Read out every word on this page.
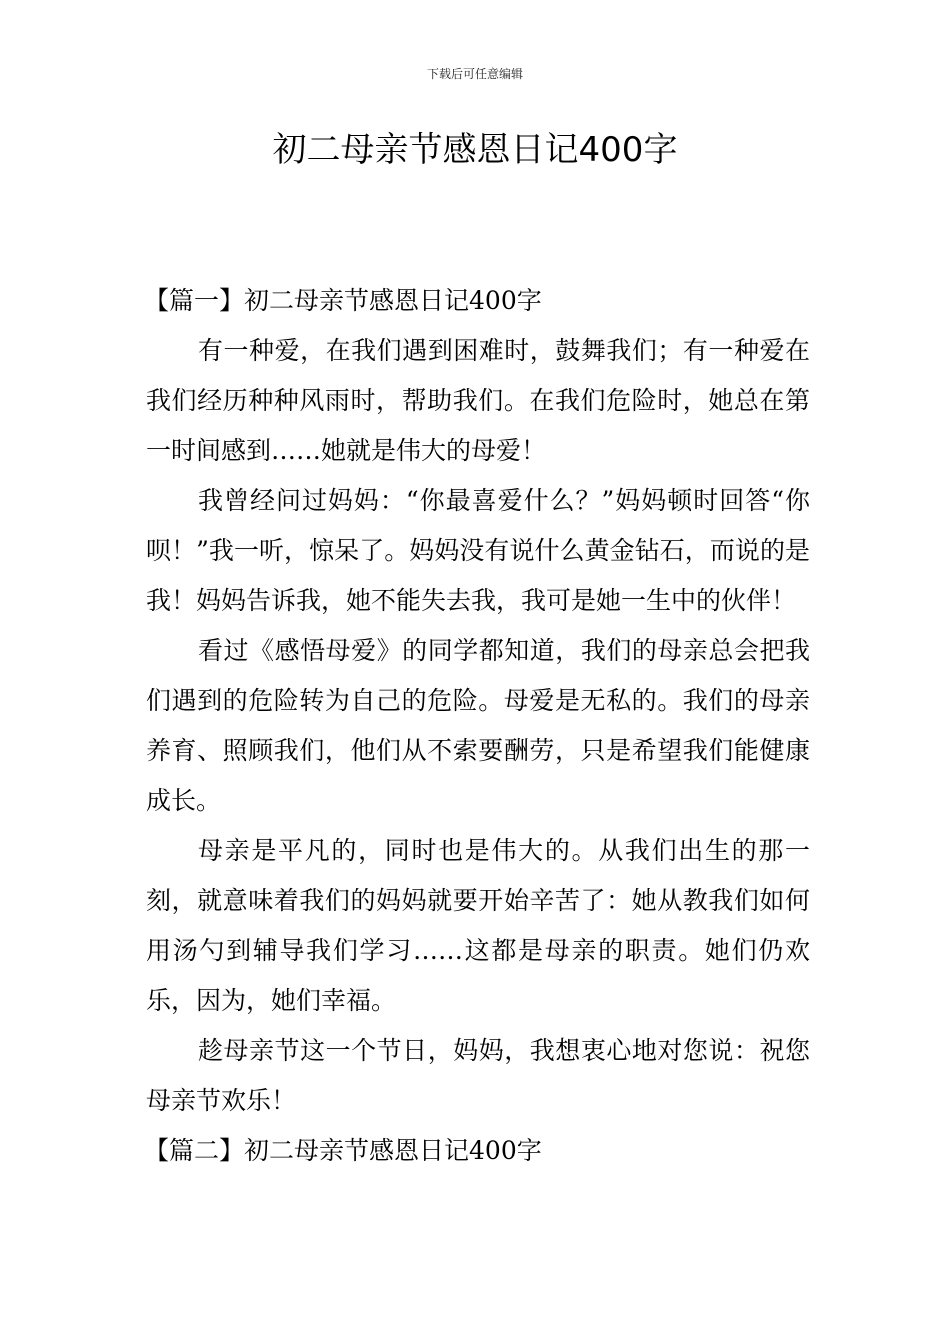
下载后可任意编辑
初二母亲节感恩日记400字

【篇一】初二母亲节感恩日记400字

有一种爱，在我们遇到困难时，鼓舞我们；有一种爱在我们经历种种风雨时，帮助我们。在我们危险时，她总在第一时间感到……她就是伟大的母爱！

我曾经问过妈妈：“你最喜爱什么？”妈妈顿时回答“你呗！”我一听，惊呆了。妈妈没有说什么黄金钻石，而说的是我！妈妈告诉我，她不能失去我，我可是她一生中的伙伴！

看过《感悟母爱》的同学都知道，我们的母亲总会把我们遇到的危险转为自己的危险。母爱是无私的。我们的母亲养育、照顾我们，他们从不索要酬劳，只是希望我们能健康成长。

母亲是平凡的，同时也是伟大的。从我们出生的那一刻，就意味着我们的妈妈就要开始辛苦了：她从教我们如何用汤勺到辅导我们学习……这都是母亲的职责。她们仍欢乐，因为，她们幸福。

趁母亲节这一个节日，妈妈，我想衷心地对您说：祝您母亲节欢乐！

【篇二】初二母亲节感恩日记400字
